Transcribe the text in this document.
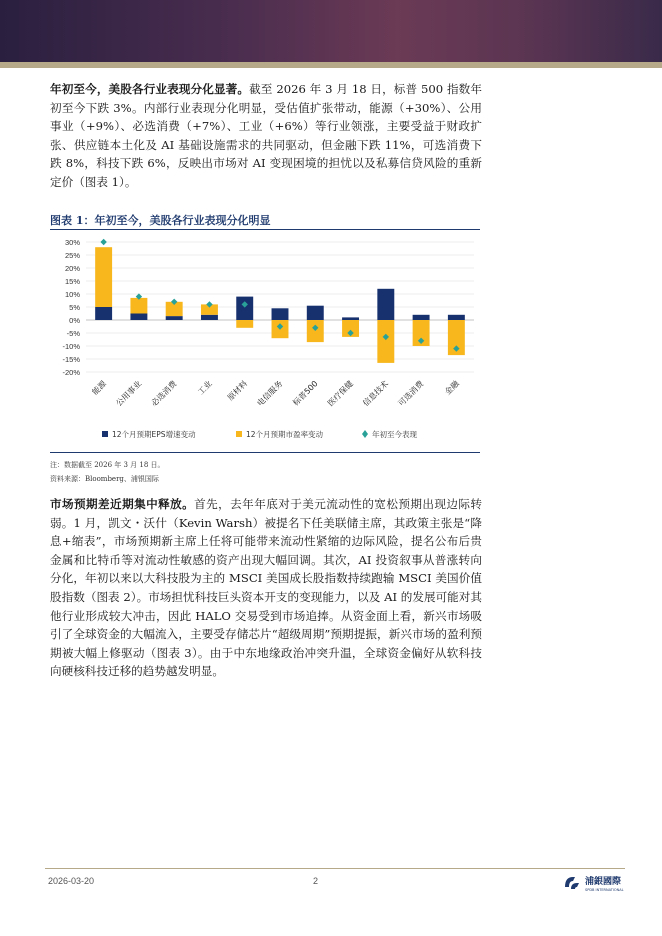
年初至今，美股各行业表现分化显著。截至 2026 年 3 月 18 日，标普 500 指数年初至今下跌 3%。内部行业表现分化明显，受估值扩张带动，能源（+30%）、公用事业（+9%）、必选消费（+7%）、工业（+6%）等行业领涨，主要受益于财政扩张、供应链本土化及 AI 基础设施需求的共同驱动，但金融下跌 11%，可选消费下跌 8%，科技下跌 6%，反映出市场对 AI 变现困境的担忧以及私募信贷风险的重新定价（图表 1）。

图表 1：年初至今，美股各行业表现分化明显
30%
25%
20%
15%
10%
5%
0%
-5%
-10%
-15%
-20%
能源 公用事业 必选消费 工业 原材料 电信服务 标普500 医疗保健 信息技术 可选消费 金融
12个月预期EPS增速变动	12个月预期市盈率变动	年初至今表现
注：数据截至 2026 年 3 月 18 日。
资料来源：Bloomberg、浦银国际

市场预期差近期集中释放。首先，去年年底对于美元流动性的宽松预期出现边际转弱。1 月，凯文・沃什（Kevin Warsh）被提名下任美联储主席，其政策主张是“降息+缩表”，市场预期新主席上任将可能带来流动性紧缩的边际风险，提名公布后贵金属和比特币等对流动性敏感的资产出现大幅回调。其次，AI 投资叙事从普涨转向分化，年初以来以大科技股为主的 MSCI 美国成长股指数持续跑输 MSCI 美国价值股指数（图表 2）。市场担忧科技巨头资本开支的变现能力，以及 AI 的发展可能对其他行业形成较大冲击，因此 HALO 交易受到市场追捧。从资金面上看，新兴市场吸引了全球资金的大幅流入，主要受存储芯片“超级周期”预期提振，新兴市场的盈利预期被大幅上修驱动（图表 3）。由于中东地缘政治冲突升温，全球资金偏好从软科技向硬核科技迁移的趋势越发明显。

2026-03-20	2	浦銀國際
SPDB INTERNATIONAL
